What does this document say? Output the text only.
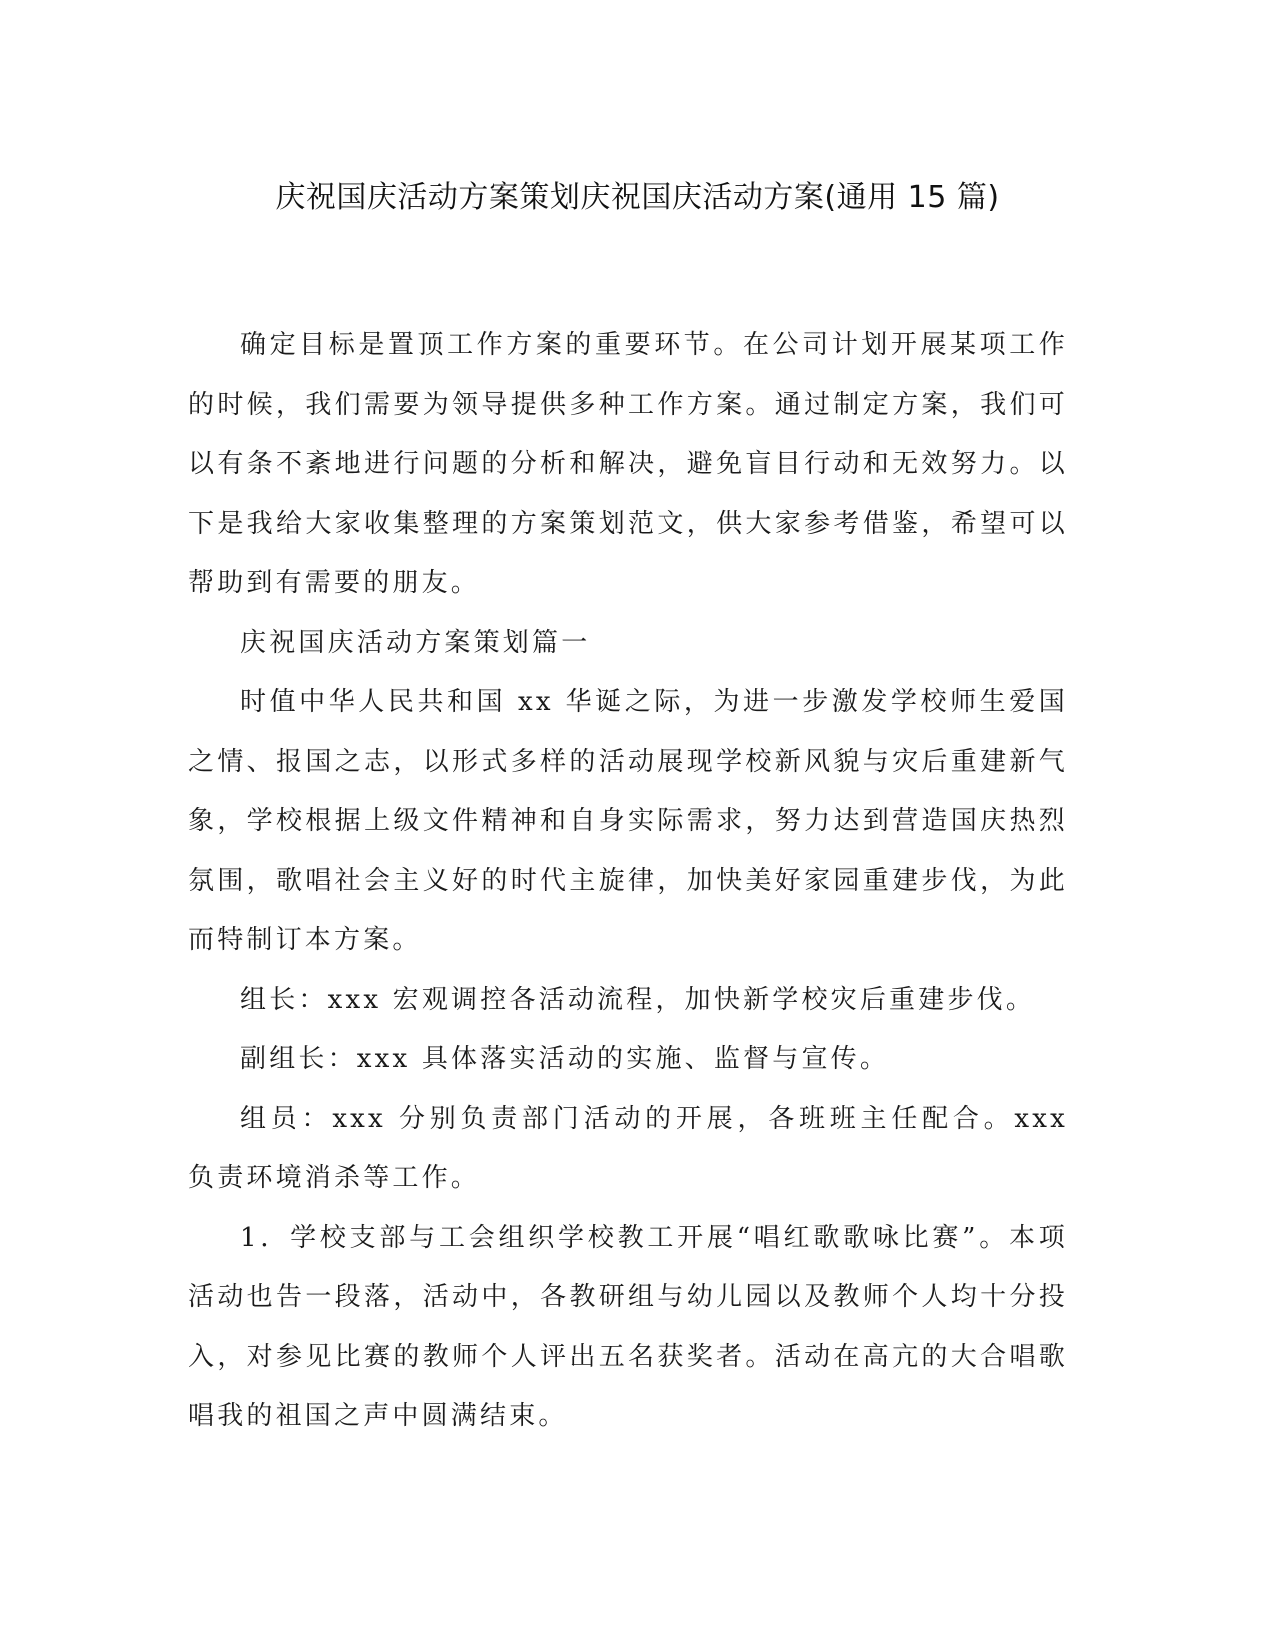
庆祝国庆活动方案策划庆祝国庆活动方案(通用 15 篇)

确定目标是置顶工作方案的重要环节。在公司计划开展某项工作的时候，我们需要为领导提供多种工作方案。通过制定方案，我们可以有条不紊地进行问题的分析和解决，避免盲目行动和无效努力。以下是我给大家收集整理的方案策划范文，供大家参考借鉴，希望可以帮助到有需要的朋友。

庆祝国庆活动方案策划篇一

时值中华人民共和国 xx 华诞之际，为进一步激发学校师生爱国之情、报国之志，以形式多样的活动展现学校新风貌与灾后重建新气象，学校根据上级文件精神和自身实际需求，努力达到营造国庆热烈氛围，歌唱社会主义好的时代主旋律，加快美好家园重建步伐，为此而特制订本方案。

组长：xxx 宏观调控各活动流程，加快新学校灾后重建步伐。

副组长：xxx 具体落实活动的实施、监督与宣传。

组员：xxx 分别负责部门活动的开展，各班班主任配合。xxx 负责环境消杀等工作。

1．学校支部与工会组织学校教工开展“唱红歌歌咏比赛”。本项活动也告一段落，活动中，各教研组与幼儿园以及教师个人均十分投入，对参见比赛的教师个人评出五名获奖者。活动在高亢的大合唱歌唱我的祖国之声中圆满结束。
